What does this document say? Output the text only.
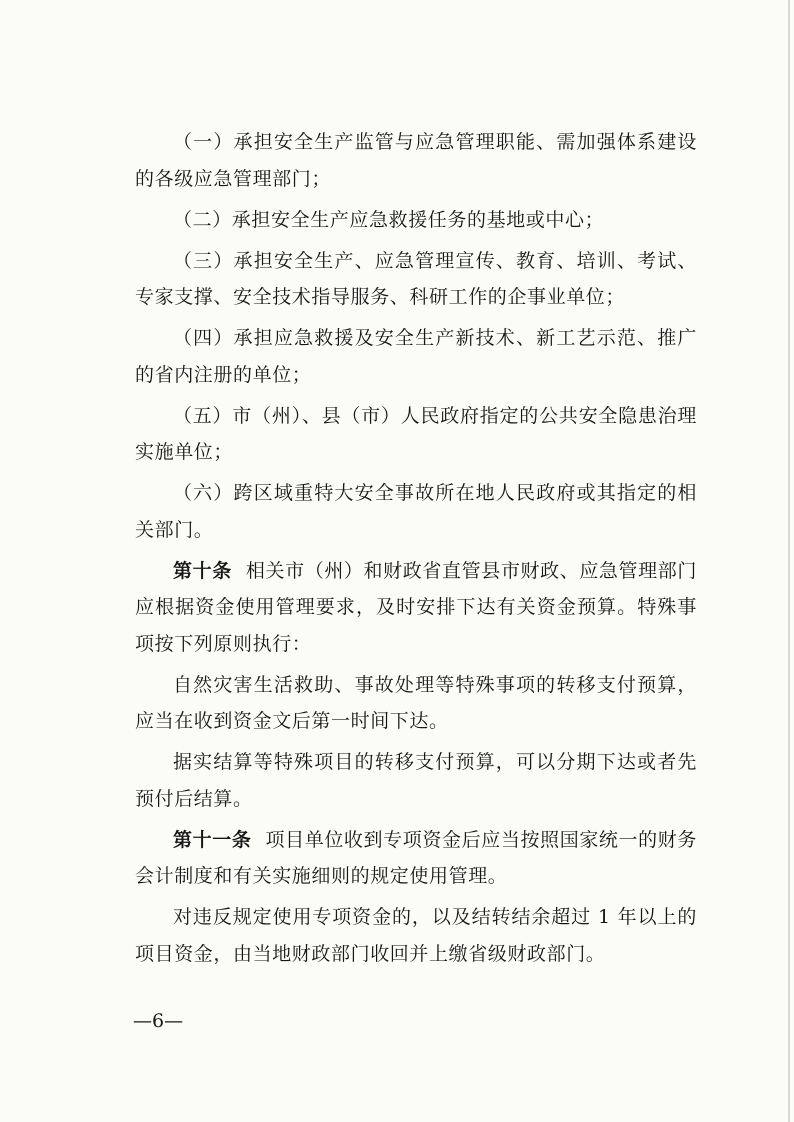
（一）承担安全生产监管与应急管理职能、需加强体系建设的各级应急管理部门；

（二）承担安全生产应急救援任务的基地或中心；

（三）承担安全生产、应急管理宣传、教育、培训、考试、专家支撑、安全技术指导服务、科研工作的企事业单位；

（四）承担应急救援及安全生产新技术、新工艺示范、推广的省内注册的单位；

（五）市（州）、县（市）人民政府指定的公共安全隐患治理实施单位；

（六）跨区域重特大安全事故所在地人民政府或其指定的相关部门。

第十条 相关市（州）和财政省直管县市财政、应急管理部门应根据资金使用管理要求，及时安排下达有关资金预算。特殊事项按下列原则执行：

自然灾害生活救助、事故处理等特殊事项的转移支付预算，应当在收到资金文后第一时间下达。

据实结算等特殊项目的转移支付预算，可以分期下达或者先预付后结算。

第十一条 项目单位收到专项资金后应当按照国家统一的财务会计制度和有关实施细则的规定使用管理。

对违反规定使用专项资金的，以及结转结余超过 1 年以上的项目资金，由当地财政部门收回并上缴省级财政部门。

—6—
